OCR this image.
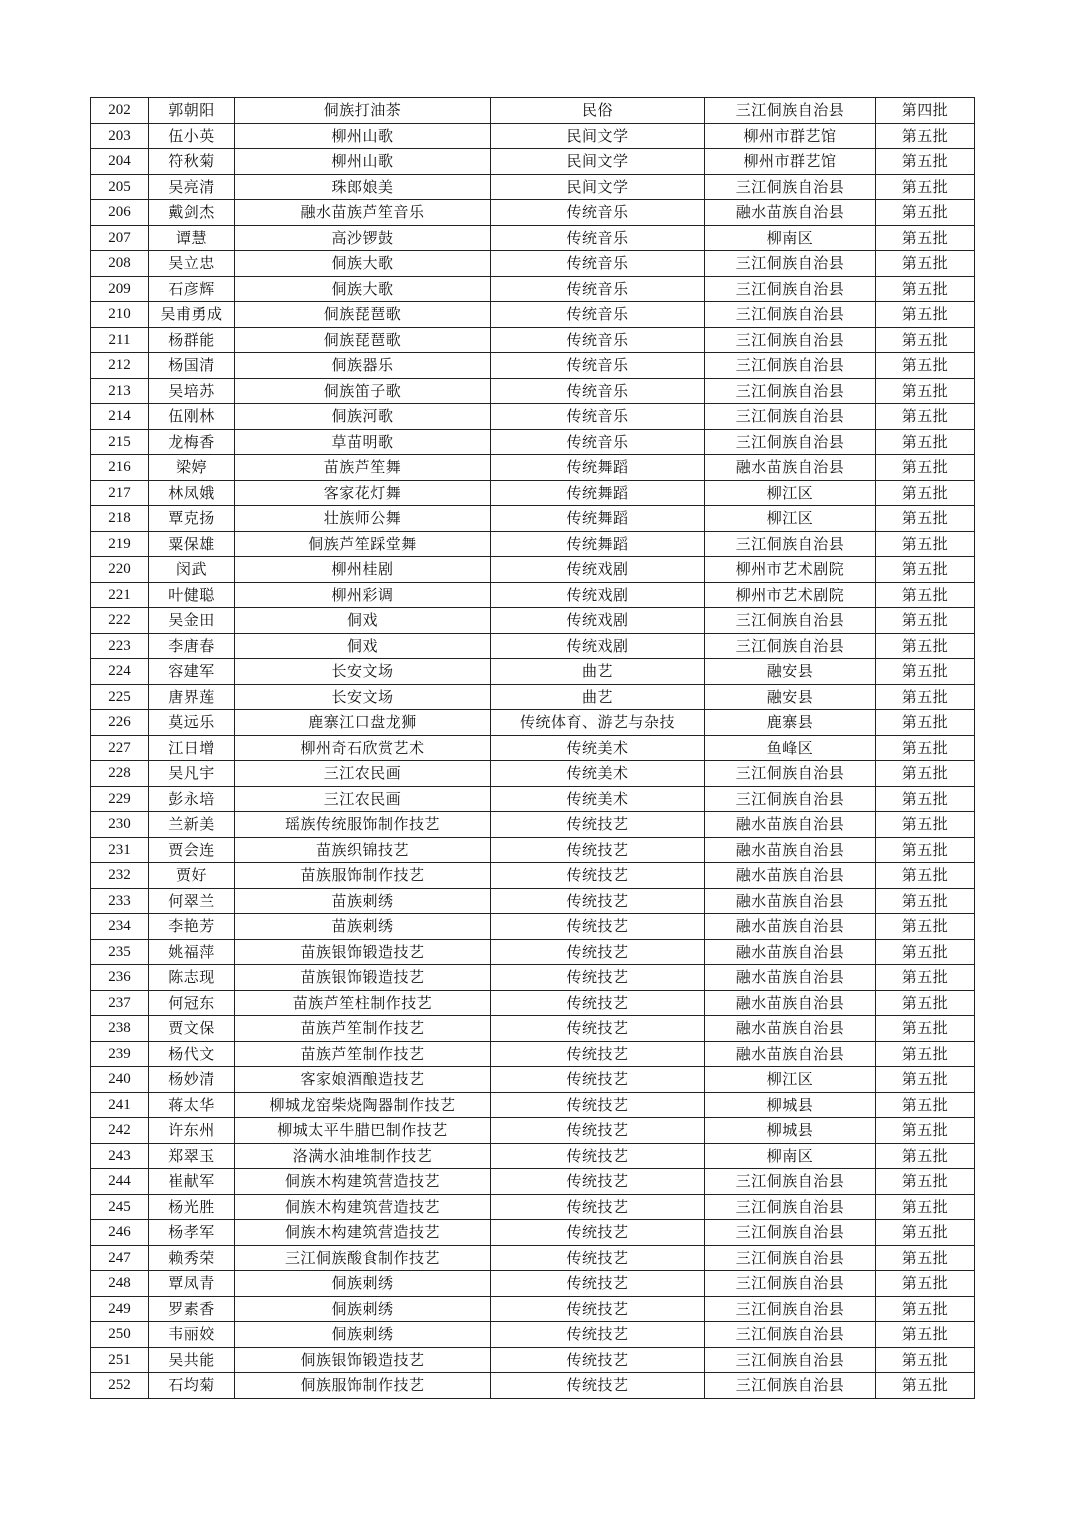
202	郭朝阳	侗族打油茶	民俗	三江侗族自治县	第四批
203	伍小英	柳州山歌	民间文学	柳州市群艺馆	第五批
204	符秋菊	柳州山歌	民间文学	柳州市群艺馆	第五批
205	吴亮清	珠郎娘美	民间文学	三江侗族自治县	第五批
206	戴剑杰	融水苗族芦笙音乐	传统音乐	融水苗族自治县	第五批
207	谭慧	高沙锣鼓	传统音乐	柳南区	第五批
208	吴立忠	侗族大歌	传统音乐	三江侗族自治县	第五批
209	石彦辉	侗族大歌	传统音乐	三江侗族自治县	第五批
210	吴甫勇成	侗族琵琶歌	传统音乐	三江侗族自治县	第五批
211	杨群能	侗族琵琶歌	传统音乐	三江侗族自治县	第五批
212	杨国清	侗族器乐	传统音乐	三江侗族自治县	第五批
213	吴培苏	侗族笛子歌	传统音乐	三江侗族自治县	第五批
214	伍刚林	侗族河歌	传统音乐	三江侗族自治县	第五批
215	龙梅香	草苗明歌	传统音乐	三江侗族自治县	第五批
216	梁婷	苗族芦笙舞	传统舞蹈	融水苗族自治县	第五批
217	林凤娥	客家花灯舞	传统舞蹈	柳江区	第五批
218	覃克扬	壮族师公舞	传统舞蹈	柳江区	第五批
219	粟保雄	侗族芦笙踩堂舞	传统舞蹈	三江侗族自治县	第五批
220	闵武	柳州桂剧	传统戏剧	柳州市艺术剧院	第五批
221	叶健聪	柳州彩调	传统戏剧	柳州市艺术剧院	第五批
222	吴金田	侗戏	传统戏剧	三江侗族自治县	第五批
223	李唐春	侗戏	传统戏剧	三江侗族自治县	第五批
224	容建军	长安文场	曲艺	融安县	第五批
225	唐界莲	长安文场	曲艺	融安县	第五批
226	莫远乐	鹿寨江口盘龙狮	传统体育、游艺与杂技	鹿寨县	第五批
227	江日增	柳州奇石欣赏艺术	传统美术	鱼峰区	第五批
228	吴凡宇	三江农民画	传统美术	三江侗族自治县	第五批
229	彭永培	三江农民画	传统美术	三江侗族自治县	第五批
230	兰新美	瑶族传统服饰制作技艺	传统技艺	融水苗族自治县	第五批
231	贾会连	苗族织锦技艺	传统技艺	融水苗族自治县	第五批
232	贾好	苗族服饰制作技艺	传统技艺	融水苗族自治县	第五批
233	何翠兰	苗族刺绣	传统技艺	融水苗族自治县	第五批
234	李艳芳	苗族刺绣	传统技艺	融水苗族自治县	第五批
235	姚福萍	苗族银饰锻造技艺	传统技艺	融水苗族自治县	第五批
236	陈志现	苗族银饰锻造技艺	传统技艺	融水苗族自治县	第五批
237	何冠东	苗族芦笙柱制作技艺	传统技艺	融水苗族自治县	第五批
238	贾文保	苗族芦笙制作技艺	传统技艺	融水苗族自治县	第五批
239	杨代文	苗族芦笙制作技艺	传统技艺	融水苗族自治县	第五批
240	杨妙清	客家娘酒酿造技艺	传统技艺	柳江区	第五批
241	蒋太华	柳城龙窑柴烧陶器制作技艺	传统技艺	柳城县	第五批
242	许东州	柳城太平牛腊巴制作技艺	传统技艺	柳城县	第五批
243	郑翠玉	洛满水油堆制作技艺	传统技艺	柳南区	第五批
244	崔献军	侗族木构建筑营造技艺	传统技艺	三江侗族自治县	第五批
245	杨光胜	侗族木构建筑营造技艺	传统技艺	三江侗族自治县	第五批
246	杨孝军	侗族木构建筑营造技艺	传统技艺	三江侗族自治县	第五批
247	赖秀荣	三江侗族酸食制作技艺	传统技艺	三江侗族自治县	第五批
248	覃凤青	侗族刺绣	传统技艺	三江侗族自治县	第五批
249	罗素香	侗族刺绣	传统技艺	三江侗族自治县	第五批
250	韦丽姣	侗族刺绣	传统技艺	三江侗族自治县	第五批
251	吴共能	侗族银饰锻造技艺	传统技艺	三江侗族自治县	第五批
252	石均菊	侗族服饰制作技艺	传统技艺	三江侗族自治县	第五批
